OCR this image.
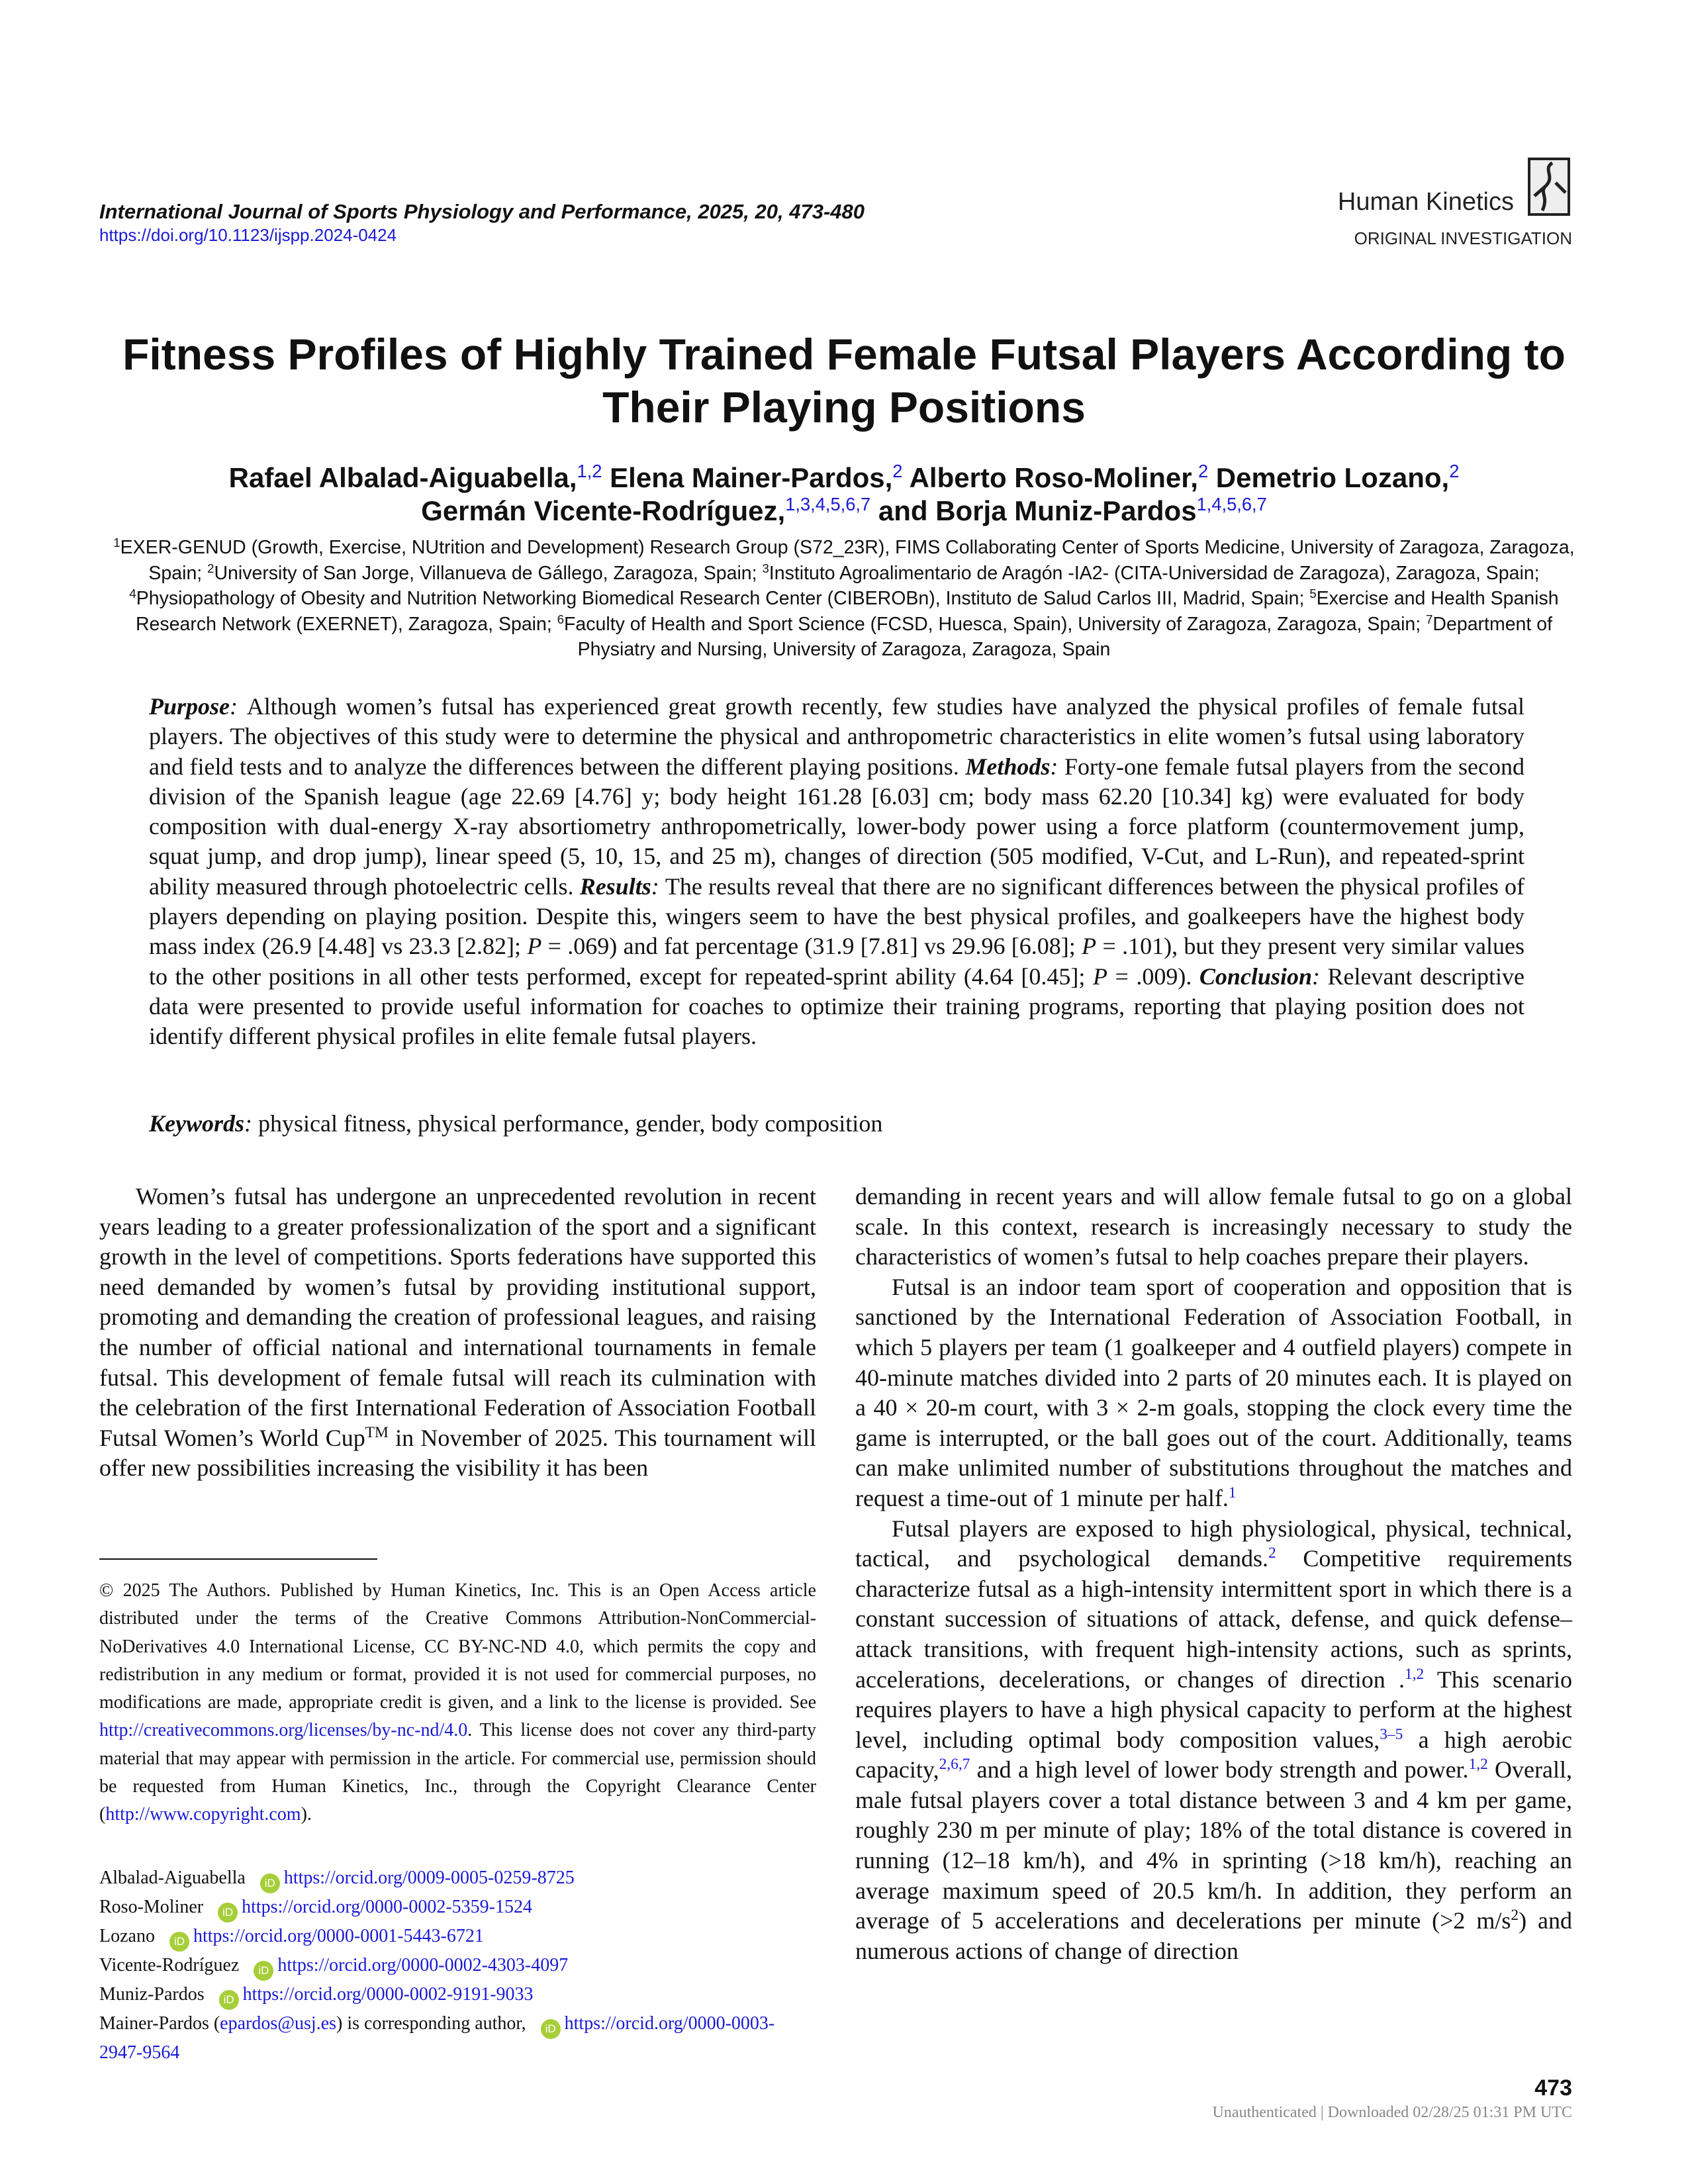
International Journal of Sports Physiology and Performance, 2025, 20, 473-480
https://doi.org/10.1123/ijspp.2024-0424
Human Kinetics
ORIGINAL INVESTIGATION
Fitness Profiles of Highly Trained Female Futsal Players According to Their Playing Positions
Rafael Albalad-Aiguabella,$^{1,2}$ Elena Mainer-Pardos,$^2$ Alberto Roso-Moliner,$^2$ Demetrio Lozano,$^2$
Germán Vicente-Rodríguez,$^{1,3,4,5,6,7}$ and Borja Muniz-Pardos$^{1,4,5,6,7}$
$^1$EXER-GENUD (Growth, Exercise, NUtrition and Development) Research Group (S72_23R), FIMS Collaborating Center of Sports Medicine, University of Zaragoza, Zaragoza, Spain; $^2$University of San Jorge, Villanueva de Gállego, Zaragoza, Spain; $^3$Instituto Agroalimentario de Aragón -IA2- (CITA-Universidad de Zaragoza), Zaragoza, Spain; $^4$Physiopathology of Obesity and Nutrition Networking Biomedical Research Center (CIBEROBn), Instituto de Salud Carlos III, Madrid, Spain; $^5$Exercise and Health Spanish Research Network (EXERNET), Zaragoza, Spain; $^6$Faculty of Health and Sport Science (FCSD, Huesca, Spain), University of Zaragoza, Zaragoza, Spain; $^7$Department of Physiatry and Nursing, University of Zaragoza, Zaragoza, Spain
Purpose: Although women’s futsal has experienced great growth recently, few studies have analyzed the physical profiles of female futsal players. The objectives of this study were to determine the physical and anthropometric characteristics in elite women’s futsal using laboratory and field tests and to analyze the differences between the different playing positions. Methods: Forty-one female futsal players from the second division of the Spanish league (age 22.69 [4.76] y; body height 161.28 [6.03] cm; body mass 62.20 [10.34] kg) were evaluated for body composition with dual-energy X-ray absortiometry anthropometrically, lower-body power using a force platform (countermovement jump, squat jump, and drop jump), linear speed (5, 10, 15, and 25 m), changes of direction (505 modified, V-Cut, and L-Run), and repeated-sprint ability measured through photoelectric cells. Results: The results reveal that there are no significant differences between the physical profiles of players depending on playing position. Despite this, wingers seem to have the best physical profiles, and goalkeepers have the highest body mass index (26.9 [4.48] vs 23.3 [2.82]; P = .069) and fat percentage (31.9 [7.81] vs 29.96 [6.08]; P = .101), but they present very similar values to the other positions in all other tests performed, except for repeated-sprint ability (4.64 [0.45]; P = .009). Conclusion: Relevant descriptive data were presented to provide useful information for coaches to optimize their training programs, reporting that playing position does not identify different physical profiles in elite female futsal players.
Keywords: physical fitness, physical performance, gender, body composition

Women’s futsal has undergone an unprecedented revolution in recent years leading to a greater professionalization of the sport and a significant growth in the level of competitions. Sports federations have supported this need demanded by women’s futsal by providing institutional support, promoting and demanding the creation of professional leagues, and raising the number of official national and international tournaments in female futsal. This development of female futsal will reach its culmination with the celebration of the first International Federation of Association Football Futsal Women’s World Cup™ in November of 2025. This tournament will offer new possibilities increasing the visibility it has been

demanding in recent years and will allow female futsal to go on a global scale. In this context, research is increasingly necessary to study the characteristics of women’s futsal to help coaches prepare their players.

Futsal is an indoor team sport of cooperation and opposition that is sanctioned by the International Federation of Association Football, in which 5 players per team (1 goalkeeper and 4 outfield players) compete in 40-minute matches divided into 2 parts of 20 minutes each. It is played on a 40 × 20-m court, with 3 × 2-m goals, stopping the clock every time the game is interrupted, or the ball goes out of the court. Additionally, teams can make unlimited number of substitutions throughout the matches and request a time-out of 1 minute per half.$^1$

Futsal players are exposed to high physiological, physical, technical, tactical, and psychological demands.$^2$ Competitive requirements characterize futsal as a high-intensity intermittent sport in which there is a constant succession of situations of attack, defense, and quick defense–attack transitions, with frequent high-intensity actions, such as sprints, accelerations, decelerations, or changes of direction .$^{1,2}$ This scenario requires players to have a high physical capacity to perform at the highest level, including optimal body composition values,$^{3-5}$ a high aerobic capacity,$^{2,6,7}$ and a high level of lower body strength and power.$^{1,2}$ Overall, male futsal players cover a total distance between 3 and 4 km per game, roughly 230 m per minute of play; 18% of the total distance is covered in running (12–18 km/h), and 4% in sprinting (>18 km/h), reaching an average maximum speed of 20.5 km/h. In addition, they perform an average of 5 accelerations and decelerations per minute (>2 $m/s^2$) and numerous actions of change of direction

© 2025 The Authors. Published by Human Kinetics, Inc. This is an Open Access article distributed under the terms of the Creative Commons Attribution-NonCommercial-NoDerivatives 4.0 International License, CC BY-NC-ND 4.0, which permits the copy and redistribution in any medium or format, provided it is not used for commercial purposes, no modifications are made, appropriate credit is given, and a link to the license is provided. See http://creativecommons.org/licenses/by-nc-nd/4.0. This license does not cover any third-party material that may appear with permission in the article. For commercial use, permission should be requested from Human Kinetics, Inc., through the Copyright Clearance Center (http://www.copyright.com).
Albalad-Aiguabella iD https://orcid.org/0009-0005-0259-8725
Roso-Moliner iD https://orcid.org/0000-0002-5359-1524
Lozano iD https://orcid.org/0000-0001-5443-6721
Vicente-Rodríguez iD https://orcid.org/0000-0002-4303-4097
Muniz-Pardos iD https://orcid.org/0000-0002-9191-9033
Mainer-Pardos (epardos@usj.es) is corresponding author, iD https://orcid.org/0000-0003-2947-9564
473
Unauthenticated | Downloaded 02/28/25 01:31 PM UTC
